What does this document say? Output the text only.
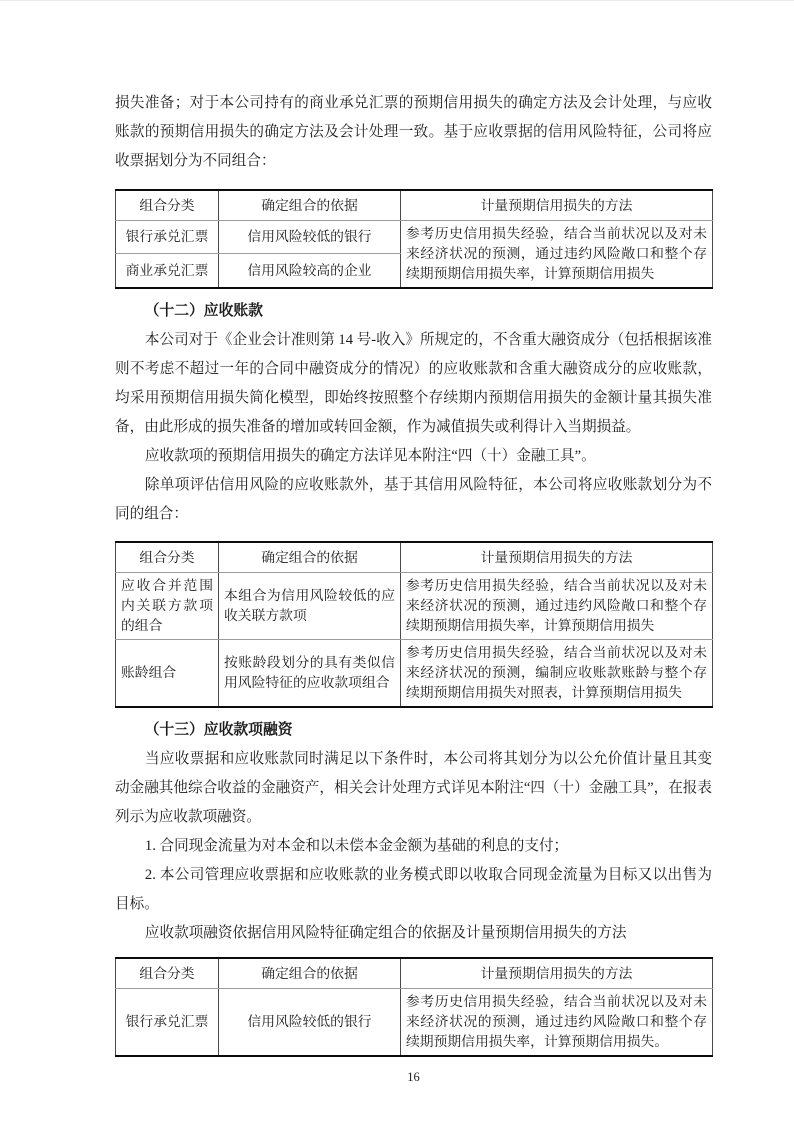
损失准备；对于本公司持有的商业承兑汇票的预期信用损失的确定方法及会计处理，与应收账款的预期信用损失的确定方法及会计处理一致。基于应收票据的信用风险特征，公司将应收票据划分为不同组合：

组合分类	确定组合的依据	计量预期信用损失的方法
银行承兑汇票	信用风险较低的银行	参考历史信用损失经验，结合当前状况以及对未来经济状况的预测，通过违约风险敞口和整个存续期预期信用损失率，计算预期信用损失
商业承兑汇票	信用风险较高的企业	
（十二）应收账款

本公司对于《企业会计准则第 14 号-收入》所规定的，不含重大融资成分（包括根据该准则不考虑不超过一年的合同中融资成分的情况）的应收账款和含重大融资成分的应收账款，均采用预期信用损失简化模型，即始终按照整个存续期内预期信用损失的金额计量其损失准备，由此形成的损失准备的增加或转回金额，作为减值损失或利得计入当期损益。

应收款项的预期信用损失的确定方法详见本附注“四（十）金融工具”。

除单项评估信用风险的应收账款外，基于其信用风险特征，本公司将应收账款划分为不同的组合：

组合分类	确定组合的依据	计量预期信用损失的方法
应收合并范围内关联方款项的组合	本组合为信用风险较低的应收关联方款项	参考历史信用损失经验，结合当前状况以及对未来经济状况的预测，通过违约风险敞口和整个存续期预期信用损失率，计算预期信用损失
账龄组合	按账龄段划分的具有类似信用风险特征的应收款项组合	参考历史信用损失经验，结合当前状况以及对未来经济状况的预测，编制应收账款账龄与整个存续期预期信用损失对照表，计算预期信用损失
（十三）应收款项融资

当应收票据和应收账款同时满足以下条件时，本公司将其划分为以公允价值计量且其变动金融其他综合收益的金融资产，相关会计处理方式详见本附注“四（十）金融工具”，在报表列示为应收款项融资。

1. 合同现金流量为对本金和以未偿本金金额为基础的利息的支付；

2. 本公司管理应收票据和应收账款的业务模式即以收取合同现金流量为目标又以出售为目标。

应收款项融资依据信用风险特征确定组合的依据及计量预期信用损失的方法

组合分类	确定组合的依据	计量预期信用损失的方法
银行承兑汇票	信用风险较低的银行	参考历史信用损失经验，结合当前状况以及对未来经济状况的预测，通过违约风险敞口和整个存续期预期信用损失率，计算预期信用损失。
16
